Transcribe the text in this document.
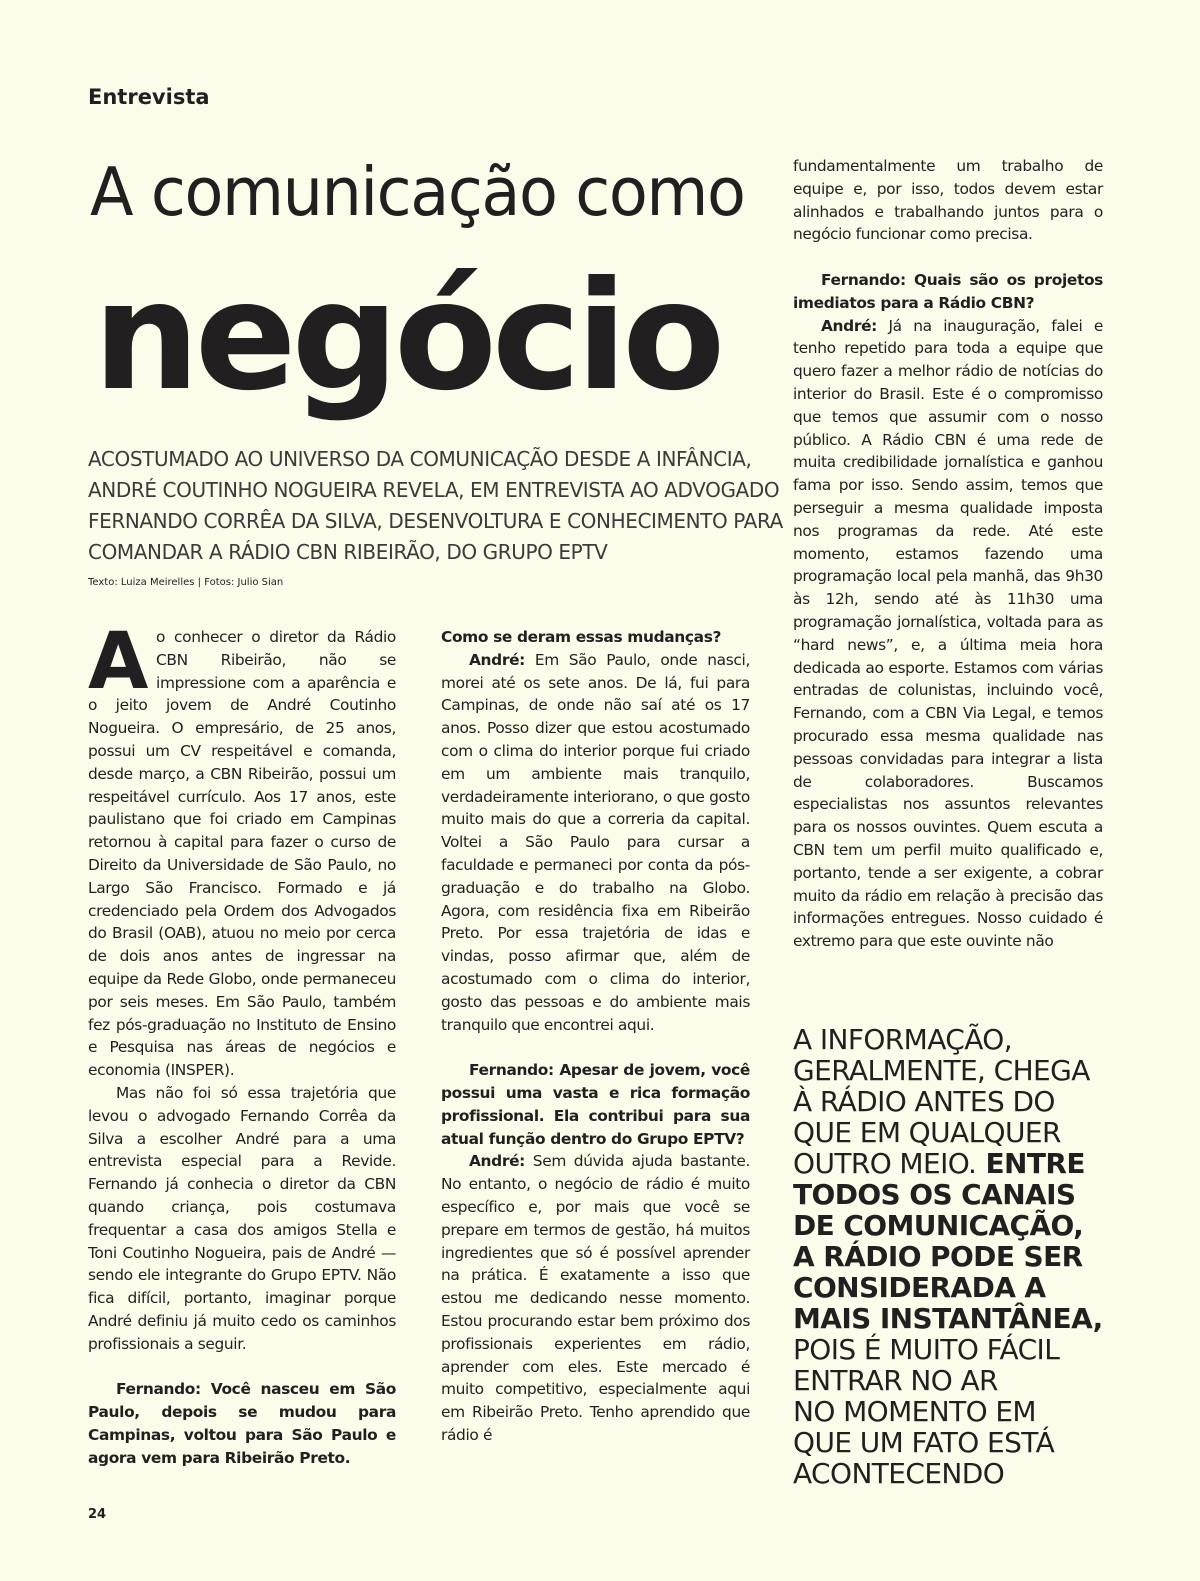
Entrevista
A comunicação como
negócio
ACOSTUMADO AO UNIVERSO DA COMUNICAÇÃO DESDE A INFÂNCIA,
ANDRÉ COUTINHO NOGUEIRA REVELA, EM ENTREVISTA AO ADVOGADO
FERNANDO CORRÊA DA SILVA, DESENVOLTURA E CONHECIMENTO PARA
COMANDAR A RÁDIO CBN RIBEIRÃO, DO GRUPO EPTV
Texto: Luiza Meirelles | Fotos: Julio Sian

Ao conhecer o diretor da Rádio CBN Ribeirão, não se impressione com a aparência e o jeito jovem de André Coutinho Nogueira. O empresário, de 25 anos, possui um CV respeitável e comanda, desde março, a CBN Ribeirão, possui um respeitável currículo. Aos 17 anos, este paulistano que foi criado em Campinas retornou à capital para fazer o curso de Direito da Universidade de São Paulo, no Largo São Francisco. Formado e já credenciado pela Ordem dos Advogados do Brasil (OAB), atuou no meio por cerca de dois anos antes de ingressar na equipe da Rede Globo, onde permaneceu por seis meses. Em São Paulo, também fez pós-graduação no Instituto de Ensino e Pesquisa nas áreas de negócios e economia (INSPER).

Mas não foi só essa trajetória que levou o advogado Fernando Corrêa da Silva a escolher André para a uma entrevista especial para a Revide. Fernando já conhecia o diretor da CBN quando criança, pois costumava frequentar a casa dos amigos Stella e Toni Coutinho Nogueira, pais de André — sendo ele integrante do Grupo EPTV. Não fica difícil, portanto, imaginar porque André definiu já muito cedo os caminhos profissionais a seguir.

Fernando: Você nasceu em São Paulo, depois se mudou para Campinas, voltou para São Paulo e agora vem para Ribeirão Preto.

Como se deram essas mudanças?

André: Em São Paulo, onde nasci, morei até os sete anos. De lá, fui para Campinas, de onde não saí até os 17 anos. Posso dizer que estou acostumado com o clima do interior porque fui criado em um ambiente mais tranquilo, verdadeiramente interiorano, o que gosto muito mais do que a correria da capital. Voltei a São Paulo para cursar a faculdade e permaneci por conta da pós-graduação e do trabalho na Globo. Agora, com residência fixa em Ribeirão Preto. Por essa trajetória de idas e vindas, posso afirmar que, além de acostumado com o clima do interior, gosto das pessoas e do ambiente mais tranquilo que encontrei aqui.

Fernando: Apesar de jovem, você possui uma vasta e rica formação profissional. Ela contribui para sua atual função dentro do Grupo EPTV?

André: Sem dúvida ajuda bastante. No entanto, o negócio de rádio é muito específico e, por mais que você se prepare em termos de gestão, há muitos ingredientes que só é possível aprender na prática. É exatamente a isso que estou me dedicando nesse momento. Estou procurando estar bem próximo dos profissionais experientes em rádio, aprender com eles. Este mercado é muito competitivo, especialmente aqui em Ribeirão Preto. Tenho aprendido que rádio é

fundamentalmente um trabalho de equipe e, por isso, todos devem estar alinhados e trabalhando juntos para o negócio funcionar como precisa.

Fernando: Quais são os projetos imediatos para a Rádio CBN?

André: Já na inauguração, falei e tenho repetido para toda a equipe que quero fazer a melhor rádio de notícias do interior do Brasil. Este é o compromisso que temos que assumir com o nosso público. A Rádio CBN é uma rede de muita credibilidade jornalística e ganhou fama por isso. Sendo assim, temos que perseguir a mesma qualidade imposta nos programas da rede. Até este momento, estamos fazendo uma programação local pela manhã, das 9h30 às 12h, sendo até às 11h30 uma programação jornalística, voltada para as “hard news”, e, a última meia hora dedicada ao esporte. Estamos com várias entradas de colunistas, incluindo você, Fernando, com a CBN Via Legal, e temos procurado essa mesma qualidade nas pessoas convidadas para integrar a lista de colaboradores. Buscamos especialistas nos assuntos relevantes para os nossos ouvintes. Quem escuta a CBN tem um perfil muito qualificado e, portanto, tende a ser exigente, a cobrar muito da rádio em relação à precisão das informações entregues. Nosso cuidado é extremo para que este ouvinte não

A INFORMAÇÃO,
GERALMENTE, CHEGA
À RÁDIO ANTES DO
QUE EM QUALQUER
OUTRO MEIO. ENTRE
TODOS OS CANAIS
DE COMUNICAÇÃO,
A RÁDIO PODE SER
CONSIDERADA A
MAIS INSTANTÂNEA,
POIS É MUITO FÁCIL
ENTRAR NO AR
NO MOMENTO EM
QUE UM FATO ESTÁ
ACONTECENDO
24
